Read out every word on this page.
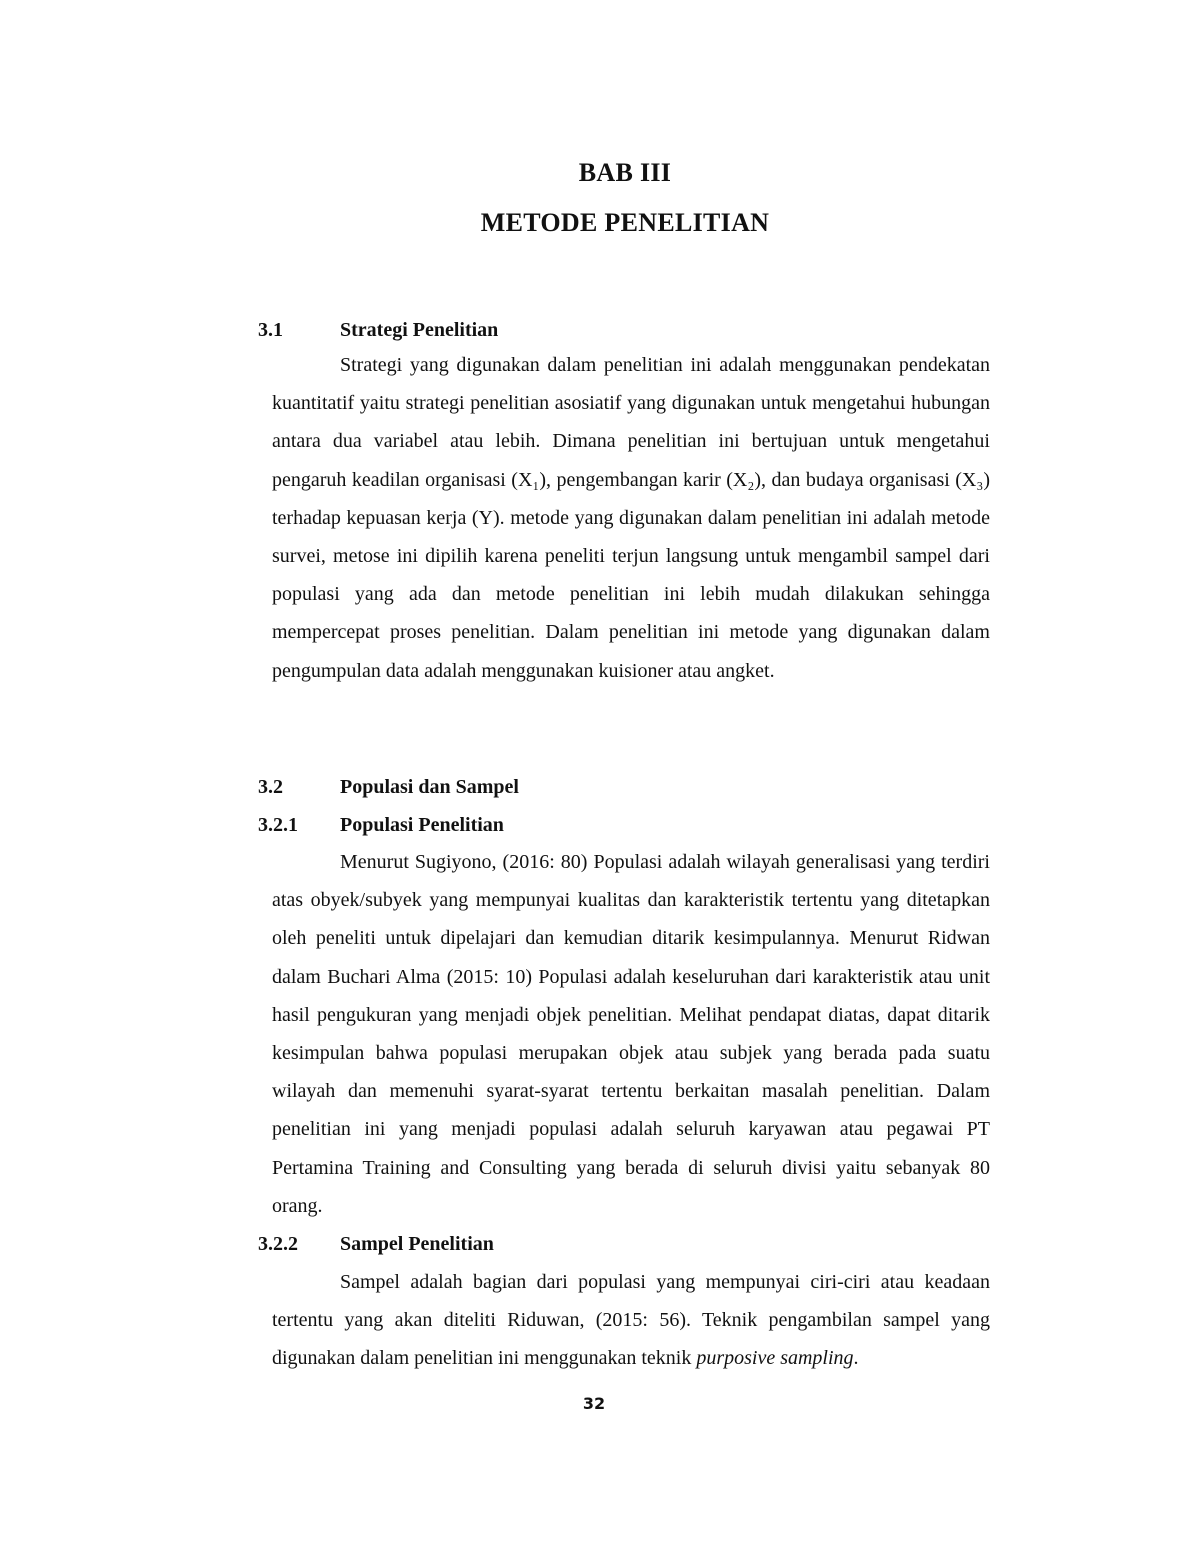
BAB III
METODE PENELITIAN
3.1	Strategi Penelitian

Strategi yang digunakan dalam penelitian ini adalah menggunakan pendekatan kuantitatif yaitu strategi penelitian asosiatif yang digunakan untuk mengetahui hubungan antara dua variabel atau lebih. Dimana penelitian ini bertujuan untuk mengetahui pengaruh keadilan organisasi (X₁), pengembangan karir (X₂), dan budaya organisasi (X₃) terhadap kepuasan kerja (Y). metode yang digunakan dalam penelitian ini adalah metode survei, metose ini dipilih karena peneliti terjun langsung untuk mengambil sampel dari populasi yang ada dan metode penelitian ini lebih mudah dilakukan sehingga mempercepat proses penelitian. Dalam penelitian ini metode yang digunakan dalam pengumpulan data adalah menggunakan kuisioner atau angket.

3.2	Populasi dan Sampel
3.2.1 Populasi Penelitian

Menurut Sugiyono, (2016: 80) Populasi adalah wilayah generalisasi yang terdiri atas obyek/subyek yang mempunyai kualitas dan karakteristik tertentu yang ditetapkan oleh peneliti untuk dipelajari dan kemudian ditarik kesimpulannya. Menurut Ridwan dalam Buchari Alma (2015: 10) Populasi adalah keseluruhan dari karakteristik atau unit hasil pengukuran yang menjadi objek penelitian. Melihat pendapat diatas, dapat ditarik kesimpulan bahwa populasi merupakan objek atau subjek yang berada pada suatu wilayah dan memenuhi syarat-syarat tertentu berkaitan masalah penelitian. Dalam penelitian ini yang menjadi populasi adalah seluruh karyawan atau pegawai PT Pertamina Training and Consulting yang berada di seluruh divisi yaitu sebanyak 80 orang.

3.2.2 Sampel Penelitian

Sampel adalah bagian dari populasi yang mempunyai ciri-ciri atau keadaan tertentu yang akan diteliti Riduwan, (2015: 56). Teknik pengambilan sampel yang digunakan dalam penelitian ini menggunakan teknik purposive sampling.

32
